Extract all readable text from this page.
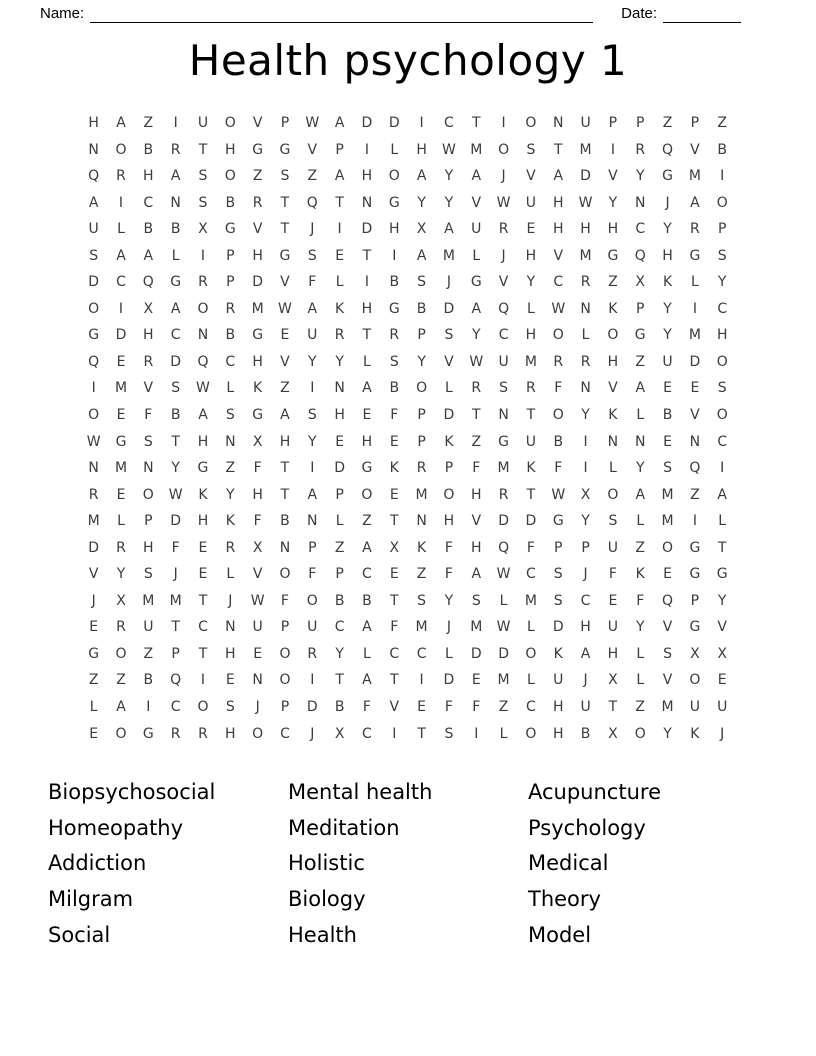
Name:	Date:
Health psychology 1
H	A	Z	I	U	O	V	P	W	A	D	D	I	C	T	I	O	N	U	P	P	Z	P	Z
N	O	B	R	T	H	G	G	V	P	I	L	H	W	M	O	S	T	M	I	R	Q	V	B
Q	R	H	A	S	O	Z	S	Z	A	H	O	A	Y	A	J	V	A	D	V	Y	G	M	I
A	I	C	N	S	B	R	T	Q	T	N	G	Y	Y	V	W	U	H	W	Y	N	J	A	O
U	L	B	B	X	G	V	T	J	I	D	H	X	A	U	R	E	H	H	H	C	Y	R	P
S	A	A	L	I	P	H	G	S	E	T	I	A	M	L	J	H	V	M	G	Q	H	G	S
D	C	Q	G	R	P	D	V	F	L	I	B	S	J	G	V	Y	C	R	Z	X	K	L	Y
O	I	X	A	O	R	M	W	A	K	H	G	B	D	A	Q	L	W	N	K	P	Y	I	C
G	D	H	C	N	B	G	E	U	R	T	R	P	S	Y	C	H	O	L	O	G	Y	M	H
Q	E	R	D	Q	C	H	V	Y	Y	L	S	Y	V	W	U	M	R	R	H	Z	U	D	O
I	M	V	S	W	L	K	Z	I	N	A	B	O	L	R	S	R	F	N	V	A	E	E	S
O	E	F	B	A	S	G	A	S	H	E	F	P	D	T	N	T	O	Y	K	L	B	V	O
W	G	S	T	H	N	X	H	Y	E	H	E	P	K	Z	G	U	B	I	N	N	E	N	C
N	M	N	Y	G	Z	F	T	I	D	G	K	R	P	F	M	K	F	I	L	Y	S	Q	I
R	E	O	W	K	Y	H	T	A	P	O	E	M	O	H	R	T	W	X	O	A	M	Z	A
M	L	P	D	H	K	F	B	N	L	Z	T	N	H	V	D	D	G	Y	S	L	M	I	L
D	R	H	F	E	R	X	N	P	Z	A	X	K	F	H	Q	F	P	P	U	Z	O	G	T
V	Y	S	J	E	L	V	O	F	P	C	E	Z	F	A	W	C	S	J	F	K	E	G	G
J	X	M	M	T	J	W	F	O	B	B	T	S	Y	S	L	M	S	C	E	F	Q	P	Y
E	R	U	T	C	N	U	P	U	C	A	F	M	J	M	W	L	D	H	U	Y	V	G	V
G	O	Z	P	T	H	E	O	R	Y	L	C	C	L	D	D	O	K	A	H	L	S	X	X
Z	Z	B	Q	I	E	N	O	I	T	A	T	I	D	E	M	L	U	J	X	L	V	O	E
L	A	I	C	O	S	J	P	D	B	F	V	E	F	F	Z	C	H	U	T	Z	M	U	U
E	O	G	R	R	H	O	C	J	X	C	I	T	S	I	L	O	H	B	X	O	Y	K	J
Biopsychosocial
Homeopathy
Addiction
Milgram
Social
Mental health
Meditation
Holistic
Biology
Health
Acupuncture
Psychology
Medical
Theory
Model
